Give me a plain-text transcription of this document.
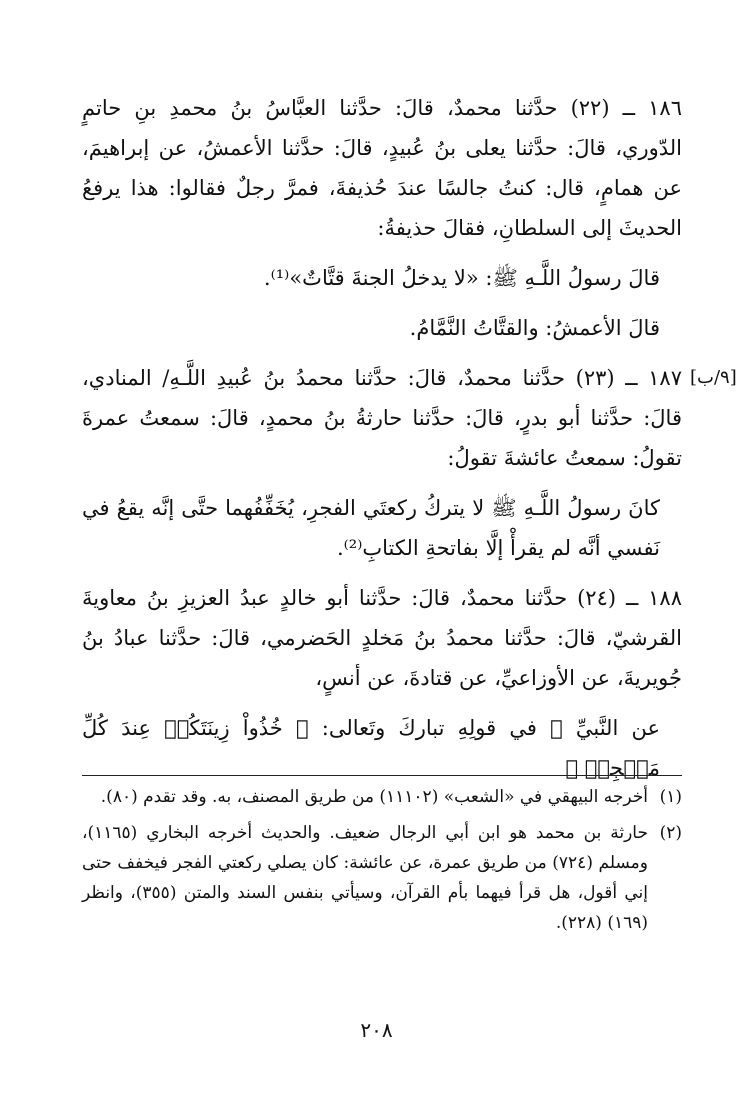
[٩/ب]

١٨٦ ــ (٢٢) حدَّثنا محمدٌ، قالَ: حدَّثنا العبَّاسُ بنُ محمدِ بنِ حاتمٍ الدّوري، قالَ: حدَّثنا يعلى بنُ عُبيدٍ، قالَ: حدَّثنا الأعمشُ، عن إبراهيمَ، عن همامٍ، قال: كنتُ جالسًا عندَ حُذيفةَ، فمرَّ رجلٌ فقالوا: هذا يرفعُ الحديثَ إلى السلطانِ، فقالَ حذيفةُ:

قالَ رسولُ اللَّـهِ ﷺ: «لا يدخلُ الجنةَ قتَّاتٌ»⁽¹⁾.

قالَ الأعمشُ: والقتَّاتُ النَّمَّامُ.

١٨٧ ــ (٢٣) حدَّثنا محمدٌ، قالَ: حدَّثنا محمدُ بنُ عُبيدِ اللَّـهِ/ المنادي، قالَ: حدَّثنا أبو بدرٍ، قالَ: حدَّثنا حارثةُ بنُ محمدٍ، قالَ: سمعتُ عمرةَ تقولُ: سمعتُ عائشةَ تقولُ:

كانَ رسولُ اللَّـهِ ﷺ لا يتركُ ركعتَي الفجرِ، يُخَفِّفُهما حتَّى إنَّه يقعُ في نَفسي أنَّه لم يقرأْ إلَّا بفاتحةِ الكتابِ⁽²⁾.

١٨٨ ــ (٢٤) حدَّثنا محمدٌ، قالَ: حدَّثنا أبو خالدٍ عبدُ العزيزِ بنُ معاويةَ القرشيّ، قالَ: حدَّثنا محمدُ بنُ مَخلدٍ الحَضرمي، قالَ: حدَّثنا عبادُ بنُ جُويريةَ، عن الأوزاعيِّ، عن قتادةَ، عن أنسٍ،

عن النَّبيِّ ﷺ في قولِهِ تباركَ وتَعالى: ﴿ خُذُواْ زِينَتَكُمۡ عِندَ كُلِّ مَسۡجِدٖ ﴾

(١)
أخرجه البيهقي في «الشعب» (١١١٠٢) من طريق المصنف، به. وقد تقدم (٨٠).

(٢)
حارثة بن محمد هو ابن أبي الرجال ضعيف. والحديث أخرجه البخاري (١١٦٥)، ومسلم (٧٢٤) من طريق عمرة، عن عائشة: كان يصلي ركعتي الفجر فيخفف حتى إني أقول، هل قرأ فيهما بأم القرآن، وسيأتي بنفس السند والمتن (٣٥٥)، وانظر (١٦٩) (٢٢٨).

٢٠٨
